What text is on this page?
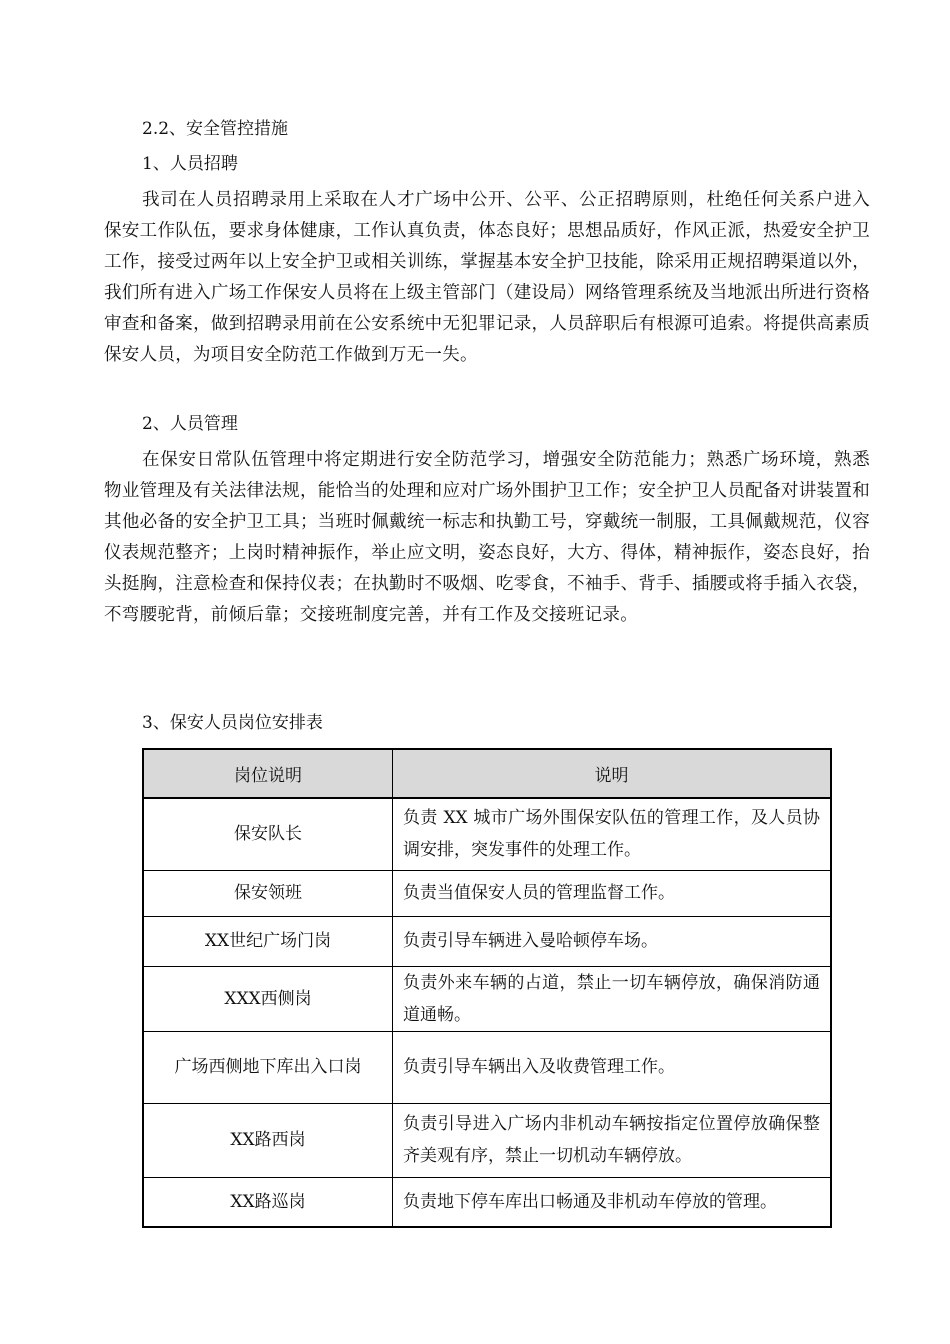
2.2、安全管控措施
1、人员招聘
我司在人员招聘录用上采取在人才广场中公开、公平、公正招聘原则，杜绝任何关系户进入保安工作队伍，要求身体健康，工作认真负责，体态良好；思想品质好，作风正派，热爱安全护卫工作，接受过两年以上安全护卫或相关训练，掌握基本安全护卫技能，除采用正规招聘渠道以外，我们所有进入广场工作保安人员将在上级主管部门（建设局）网络管理系统及当地派出所进行资格审查和备案，做到招聘录用前在公安系统中无犯罪记录，人员辞职后有根源可追索。将提供高素质保安人员，为项目安全防范工作做到万无一失。
2、人员管理
在保安日常队伍管理中将定期进行安全防范学习，增强安全防范能力；熟悉广场环境，熟悉物业管理及有关法律法规，能恰当的处理和应对广场外围护卫工作；安全护卫人员配备对讲装置和其他必备的安全护卫工具；当班时佩戴统一标志和执勤工号，穿戴统一制服，工具佩戴规范，仪容仪表规范整齐；上岗时精神振作，举止应文明，姿态良好，大方、得体，精神振作，姿态良好，抬头挺胸，注意检查和保持仪表；在执勤时不吸烟、吃零食，不袖手、背手、插腰或将手插入衣袋，不弯腰驼背，前倾后靠；交接班制度完善，并有工作及交接班记录。
3、保安人员岗位安排表
岗位说明	说明
保安队长	负责 XX 城市广场外围保安队伍的管理工作，及人员协调安排，突发事件的处理工作。
保安领班	负责当值保安人员的管理监督工作。
XX世纪广场门岗	负责引导车辆进入曼哈顿停车场。
XXX西侧岗	负责外来车辆的占道，禁止一切车辆停放，确保消防通道通畅。
广场西侧地下库出入口岗	负责引导车辆出入及收费管理工作。
XX路西岗	负责引导进入广场内非机动车辆按指定位置停放确保整齐美观有序，禁止一切机动车辆停放。
XX路巡岗	负责地下停车库出口畅通及非机动车停放的管理。
